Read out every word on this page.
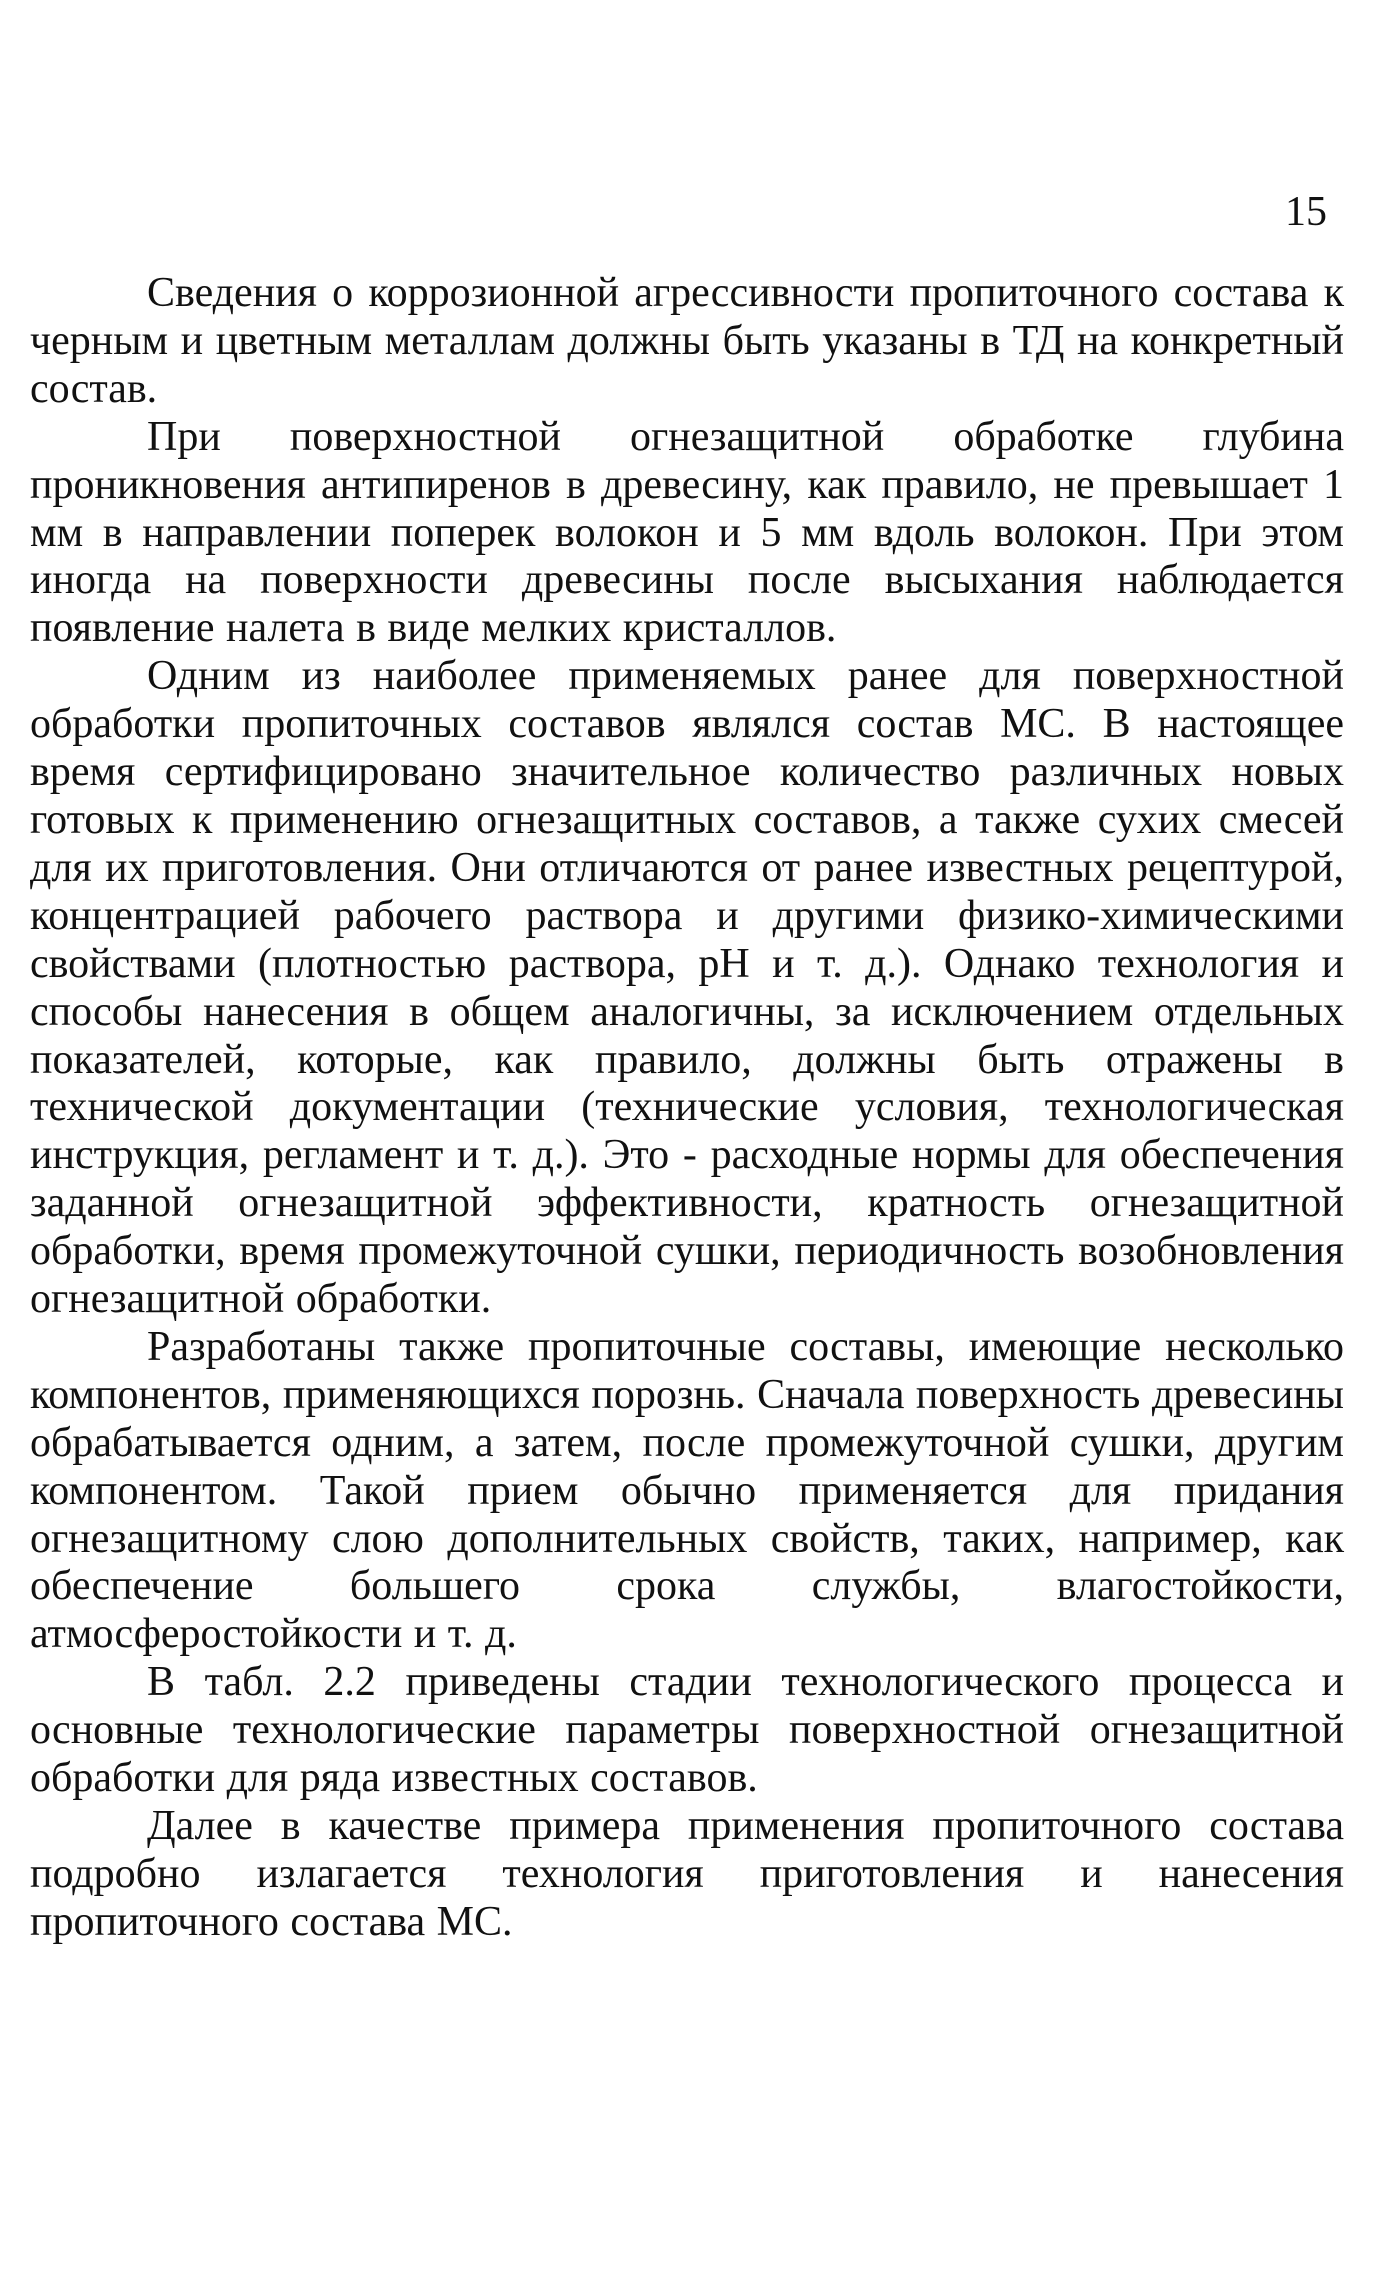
15

Сведения о коррозионной агрессивности пропиточного состава к черным и цветным металлам должны быть указаны в ТД на конкретный состав.

При поверхностной огнезащитной обработке глубина проникновения антипиренов в древесину, как правило, не превышает 1 мм в направлении поперек волокон и 5 мм вдоль волокон. При этом иногда на поверхности древесины после высыхания наблюдается появление налета в виде мелких кристаллов.

Одним из наиболее применяемых ранее для поверхностной обработки пропиточных составов являлся состав МС. В настоящее время сертифицировано значительное количество различных новых готовых к применению огнезащитных составов, а также сухих смесей для их приготовления. Они отличаются от ранее известных рецептурой, концентрацией рабочего раствора и другими физико-химическими свойствами (плотностью раствора, pH и т. д.). Однако технология и способы нанесения в общем аналогичны, за исключением отдельных показателей, которые, как правило, должны быть отражены в технической документации (технические условия, технологическая инструкция, регламент и т. д.). Это - расходные нормы для обеспечения заданной огнезащитной эффективности, кратность огнезащитной обработки, время промежуточной сушки, периодичность возобновления огнезащитной обработки.

Разработаны также пропиточные составы, имеющие несколько компонентов, применяющихся порознь. Сначала поверхность древесины обрабатывается одним, а затем, после промежуточной сушки, другим компонентом. Такой прием обычно применяется для придания огнезащитному слою дополнительных свойств, таких, например, как обеспечение большего срока службы, влагостойкости, атмосферостойкости и т. д.

В табл. 2.2 приведены стадии технологического процесса и основные технологические параметры поверхностной огнезащитной обработки для ряда известных составов.

Далее в качестве примера применения пропиточного состава подробно излагается технология приготовления и нанесения пропиточного состава МС.
